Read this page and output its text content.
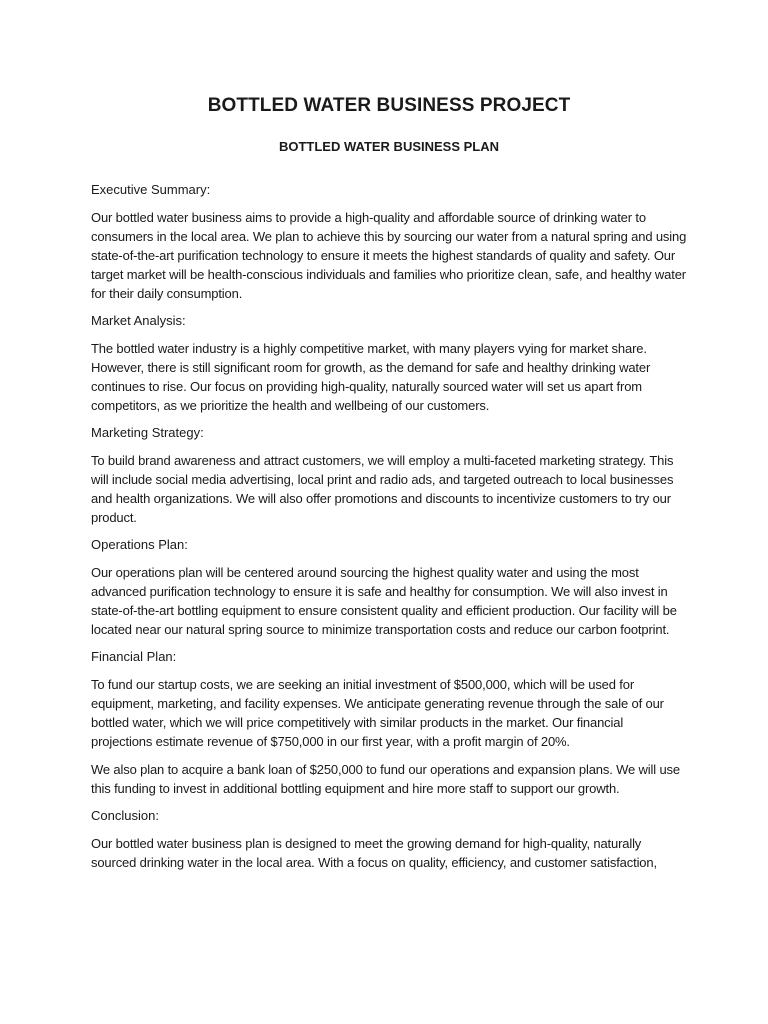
BOTTLED WATER BUSINESS PROJECT
BOTTLED WATER BUSINESS PLAN

Executive Summary:

Our bottled water business aims to provide a high-quality and affordable source of drinking water to consumers in the local area. We plan to achieve this by sourcing our water from a natural spring and using state-of-the-art purification technology to ensure it meets the highest standards of quality and safety. Our target market will be health-conscious individuals and families who prioritize clean, safe, and healthy water for their daily consumption.

Market Analysis:

The bottled water industry is a highly competitive market, with many players vying for market share. However, there is still significant room for growth, as the demand for safe and healthy drinking water continues to rise. Our focus on providing high-quality, naturally sourced water will set us apart from competitors, as we prioritize the health and wellbeing of our customers.

Marketing Strategy:

To build brand awareness and attract customers, we will employ a multi-faceted marketing strategy. This will include social media advertising, local print and radio ads, and targeted outreach to local businesses and health organizations. We will also offer promotions and discounts to incentivize customers to try our product.

Operations Plan:

Our operations plan will be centered around sourcing the highest quality water and using the most advanced purification technology to ensure it is safe and healthy for consumption. We will also invest in state-of-the-art bottling equipment to ensure consistent quality and efficient production. Our facility will be located near our natural spring source to minimize transportation costs and reduce our carbon footprint.

Financial Plan:

To fund our startup costs, we are seeking an initial investment of $500,000, which will be used for equipment, marketing, and facility expenses. We anticipate generating revenue through the sale of our bottled water, which we will price competitively with similar products in the market. Our financial projections estimate revenue of $750,000 in our first year, with a profit margin of 20%.

We also plan to acquire a bank loan of $250,000 to fund our operations and expansion plans. We will use this funding to invest in additional bottling equipment and hire more staff to support our growth.

Conclusion:

Our bottled water business plan is designed to meet the growing demand for high-quality, naturally sourced drinking water in the local area. With a focus on quality, efficiency, and customer satisfaction,
